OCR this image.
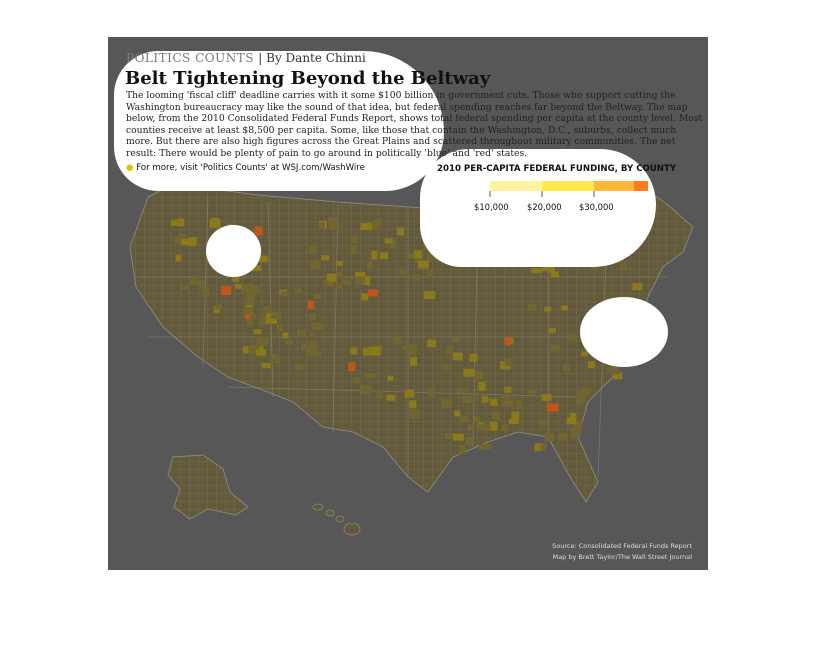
POLITICS COUNTS | By Dante Chinni
Belt Tightening Beyond the Beltway
The looming 'fiscal cliff' deadline carries with it some $100 billion in government cuts. Those who support cutting the Washington bureaucracy may like the sound of that idea, but federal spending reaches far beyond the Beltway. The map below, from the 2010 Consolidated Federal Funds Report, shows total federal spending per capita at the county level. Most counties receive at least $8,500 per capita. Some, like those that contain the Washington, D.C., suburbs, collect much more. But there are also high figures across the Great Plains and scattered throughout military communities. The net result: There would be plenty of pain to go around in politically 'blue' and 'red' states.
● For more, visit 'Politics Counts' at WSJ.com/WashWire	2010 PER-CAPITA FEDERAL FUNDING, BY COUNTY
$10,000 $20,000 $30,000
Source: Consolidated Federal Funds Report
Map by Brett Taylor/The Wall Street Journal
